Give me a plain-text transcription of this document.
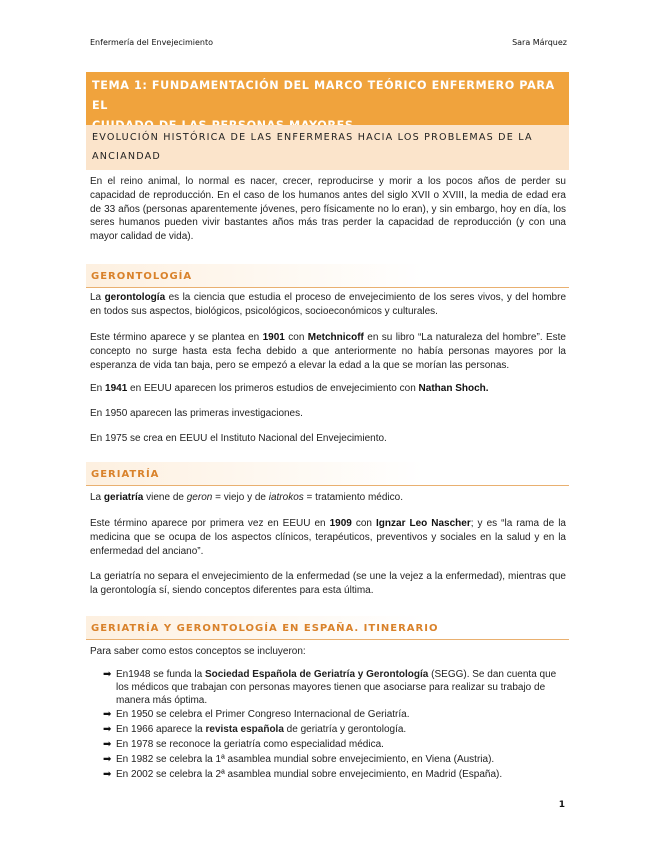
Enfermería del Envejecimiento	Sara Márquez
TEMA 1: FUNDAMENTACIÓN DEL MARCO TEÓRICO ENFERMERO PARA EL
EVOLUCIÓN HISTÓRICA DE LAS ENFERMERAS HACIA LOS PROBLEMAS DE LA
ANCIANDAD
En el reino animal, lo normal es nacer, crecer, reproducirse y morir a los pocos años de perder su capacidad de reproducción. En el caso de los humanos antes del siglo XVII o XVIII, la media de edad era de 33 años (personas aparentemente jóvenes, pero físicamente no lo eran), y sin embargo, hoy en día, los seres humanos pueden vivir bastantes años más tras perder la capacidad de reproducción (y con una mayor calidad de vida).
GERONTOLOGÍA
La gerontología es la ciencia que estudia el proceso de envejecimiento de los seres vivos, y del hombre en todos sus aspectos, biológicos, psicológicos, socioeconómicos y culturales.
Este término aparece y se plantea en 1901 con Metchnicoff en su libro “La naturaleza del hombre”. Este concepto no surge hasta esta fecha debido a que anteriormente no había personas mayores por la esperanza de vida tan baja, pero se empezó a elevar la edad a la que se morían las personas.
En 1941 en EEUU aparecen los primeros estudios de envejecimiento con Nathan Shoch.
En 1950 aparecen las primeras investigaciones.
En 1975 se crea en EEUU el Instituto Nacional del Envejecimiento.
GERIATRÍA
La geriatría viene de geron = viejo y de iatrokos = tratamiento médico.
Este término aparece por primera vez en EEUU en 1909 con Ignzar Leo Nascher; y es “la rama de la medicina que se ocupa de los aspectos clínicos, terapéuticos, preventivos y sociales en la salud y en la enfermedad del anciano”.
La geriatría no separa el envejecimiento de la enfermedad (se une la vejez a la enfermedad), mientras que la gerontología sí, siendo conceptos diferentes para esta última.
GERIATRÍA Y GERONTOLOGÍA EN ESPAÑA. ITINERARIO
Para saber como estos conceptos se incluyeron:
➡ En1948 se funda la Sociedad Española de Geriatría y Gerontología (SEGG). Se dan cuenta que los médicos que trabajan con personas mayores tienen que asociarse para realizar su trabajo de manera más óptima.
➡ En 1950 se celebra el Primer Congreso Internacional de Geriatría.
➡ En 1966 aparece la revista española de geriatría y gerontología.
➡ En 1978 se reconoce la geriatría como especialidad médica.
➡ En 1982 se celebra la 1ª asamblea mundial sobre envejecimiento, en Viena (Austria).
➡ En 2002 se celebra la 2ª asamblea mundial sobre envejecimiento, en Madrid (España).
1
